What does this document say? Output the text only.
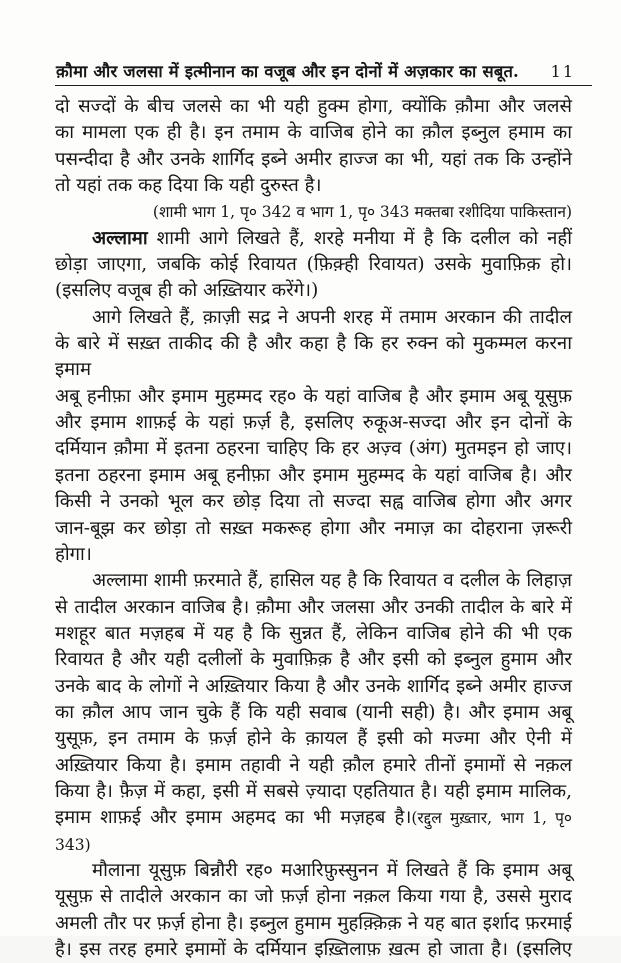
क़ौमा और जलसा में इत्मीनान का वजूब और इन दोनों में अज़कार का सबूत. 11
दो सज्दों के बीच जलसे का भी यही हुक्म होगा, क्योंकि क़ौमा और जलसे
का मामला एक ही है। इन तमाम के वाजिब होने का क़ौल इब्नुल हमाम का
पसन्दीदा है और उनके शार्गिद इब्ने अमीर हाज्ज का भी, यहां तक कि उन्होंने
तो यहां तक कह दिया कि यही दुरुस्त है।
(शामी भाग 1, पृ० 342 व भाग 1, पृ० 343 मक्तबा रशीदिया पाकिस्तान)
अल्लामा शामी आगे लिखते हैं, शरहे मनीया में है कि दलील को नहीं
छोड़ा जाएगा, जबकि कोई रिवायत (फ़िक़्ही रिवायत) उसके मुवाफ़िक़ हो।
(इसलिए वजूब ही को अख़्तियार करेंगे।)
आगे लिखते हैं, क़ाज़ी सद्र ने अपनी शरह में तमाम अरकान की तादील
के बारे में सख़्त ताकीद की है और कहा है कि हर रुक्न को मुकम्मल करना इमाम
अबू हनीफ़ा और इमाम मुहम्मद रह० के यहां वाजिब है और इमाम अबू यूसुफ़
और इमाम शाफ़ई के यहां फ़र्ज़ है, इसलिए रुकूअ-सज्दा और इन दोनों के
दर्मियान क़ौमा में इतना ठहरना चाहिए कि हर अज़्व (अंग) मुतमइन हो जाए।
इतना ठहरना इमाम अबू हनीफ़ा और इमाम मुहम्मद के यहां वाजिब है। और
किसी ने उनको भूल कर छोड़ दिया तो सज्दा सह्व वाजिब होगा और अगर
जान-बूझ कर छोड़ा तो सख़्त मकरूह होगा और नमाज़ का दोहराना ज़रूरी होगा।
अल्लामा शामी फ़रमाते हैं, हासिल यह है कि रिवायत व दलील के लिहाज़
से तादील अरकान वाजिब है। क़ौमा और जलसा और उनकी तादील के बारे में
मशहूर बात मज़हब में यह है कि सुन्नत हैं, लेकिन वाजिब होने की भी एक
रिवायत है और यही दलीलों के मुवाफ़िक़ है और इसी को इब्नुल हुमाम और
उनके बाद के लोगों ने अख़्तियार किया है और उनके शार्गिद इब्ने अमीर हाज्ज
का क़ौल आप जान चुके हैं कि यही सवाब (यानी सही) है। और इमाम अबू
युसूफ़, इन तमाम के फ़र्ज़ होने के क़ायल हैं इसी को मज्मा और ऐनी में
अख़्तियार किया है। इमाम तहावी ने यही क़ौल हमारे तीनों इमामों से नक़ल
किया है। फ़ैज़ में कहा, इसी में सबसे ज़्यादा एहतियात है। यही इमाम मालिक,
इमाम शाफ़ई और इमाम अहमद का भी मज़हब है।(रद्दुल मुख़्तार, भाग 1, पृ० 343)
मौलाना यूसुफ़ बिन्नौरी रह० मआरिफ़ुस्सुनन में लिखते हैं कि इमाम अबू
यूसुफ़ से तादीले अरकान का जो फ़र्ज़ होना नक़ल किया गया है, उससे मुराद
अमली तौर पर फ़र्ज़ होना है। इब्नुल हुमाम मुहक़्क़िक़ ने यह बात इर्शाद फ़रमाई
है। इस तरह हमारे इमामों के दर्मियान इख़्तिलाफ़ ख़त्म हो जाता है। (इसलिए
